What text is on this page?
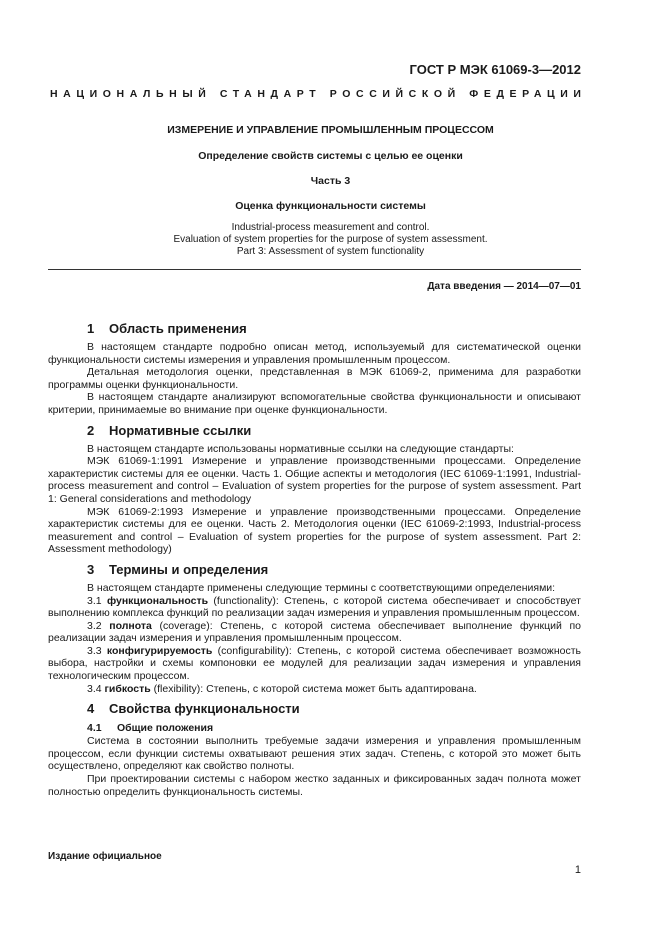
ГОСТ Р МЭК 61069-3—2012
НАЦИОНАЛЬНЫЙ СТАНДАРТ РОССИЙСКОЙ ФЕДЕРАЦИИ
ИЗМЕРЕНИЕ И УПРАВЛЕНИЕ ПРОМЫШЛЕННЫМ ПРОЦЕССОМ
Определение свойств системы с целью ее оценки
Часть 3
Оценка функциональности системы
Industrial-process measurement and control.
Evaluation of system properties for the purpose of system assessment.
Part 3: Assessment of system functionality
Дата введения — 2014—07—01
1 Область применения

В настоящем стандарте подробно описан метод, используемый для систематической оценки функциональности системы измерения и управления промышленным процессом.

Детальная методология оценки, представленная в МЭК 61069-2, применима для разработки программы оценки функциональности.

В настоящем стандарте анализируют вспомогательные свойства функциональности и описывают критерии, принимаемые во внимание при оценке функциональности.

2 Нормативные ссылки

В настоящем стандарте использованы нормативные ссылки на следующие стандарты:

МЭК 61069-1:1991 Измерение и управление производственными процессами. Определение характеристик системы для ее оценки. Часть 1. Общие аспекты и методология (IEC 61069-1:1991, Industrial-process measurement and control – Evaluation of system properties for the purpose of system assessment. Part 1: General considerations and methodology

МЭК 61069-2:1993 Измерение и управление производственными процессами. Определение характеристик системы для ее оценки. Часть 2. Методология оценки (IEC 61069-2:1993, Industrial-process measurement and control – Evaluation of system properties for the purpose of system assessment. Part 2: Assessment methodology)

3 Термины и определения

В настоящем стандарте применены следующие термины с соответствующими определениями:

3.1 функциональность (functionality): Степень, с которой система обеспечивает и способствует выполнению комплекса функций по реализации задач измерения и управления промышленным процессом.

3.2 полнота (coverage): Степень, с которой система обеспечивает выполнение функций по реализации задач измерения и управления промышленным процессом.

3.3 конфигурируемость (configurability): Степень, с которой система обеспечивает возможность выбора, настройки и схемы компоновки ее модулей для реализации задач измерения и управления технологическим процессом.

3.4 гибкость (flexibility): Степень, с которой система может быть адаптирована.

4 Свойства функциональности
4.1 Общие положения

Система в состоянии выполнить требуемые задачи измерения и управления промышленным процессом, если функции системы охватывают решения этих задач. Степень, с которой это может быть осуществлено, определяют как свойство полноты.

При проектировании системы с набором жестко заданных и фиксированных задач полнота может полностью определить функциональность системы.

Издание официальное
1
